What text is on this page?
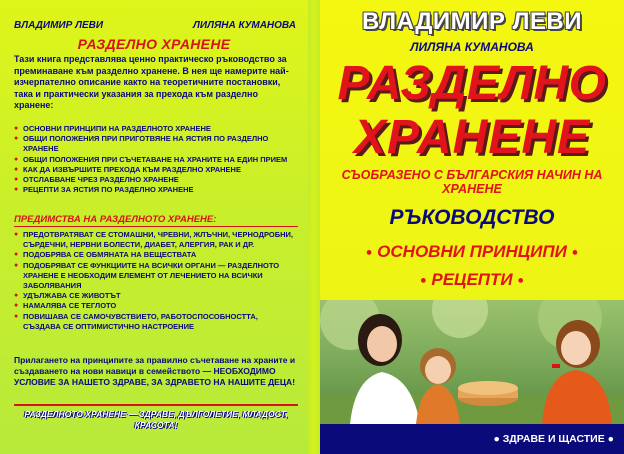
ВЛАДИМИР ЛЕВИ	ЛИЛЯНА КУМАНОВА
РАЗДЕЛНО ХРАНЕНЕ
Тази книга представлява ценно практическо ръководство за преминаване към разделно хранене. В нея ще намерите най-изчерпателно описание както на теоретичните постановки, така и практически указания за прехода към разделно хранене:
● ОСНОВНИ ПРИНЦИПИ НА РАЗДЕЛНОТО ХРАНЕНЕ
● ОБЩИ ПОЛОЖЕНИЯ ПРИ ПРИГОТВЯНЕ НА ЯСТИЯ ПО РАЗДЕЛНО ХРАНЕНЕ
● ОБЩИ ПОЛОЖЕНИЯ ПРИ СЪЧЕТАВАНЕ НА ХРАНИТЕ НА ЕДИН ПРИЕМ
● КАК ДА ИЗВЪРШИТЕ ПРЕХОДА КЪМ РАЗДЕЛНО ХРАНЕНЕ
● ОТСЛАБВАНЕ ЧРЕЗ РАЗДЕЛНО ХРАНЕНЕ
● РЕЦЕПТИ ЗА ЯСТИЯ ПО РАЗДЕЛНО ХРАНЕНЕ
ПРЕДИМСТВА НА РАЗДЕЛНОТО ХРАНЕНЕ:
● ПРЕДОТВРАТЯВАТ СЕ СТОМАШНИ, ЧРЕВНИ, ЖЛЪЧНИ, ЧЕРНОДРОБНИ, СЪРДЕЧНИ, НЕРВНИ БОЛЕСТИ, ДИАБЕТ, АЛЕРГИЯ, РАК И ДР.
● ПОДОБРЯВА СЕ ОБМЯНАТА НА ВЕЩЕСТВАТА
● ПОДОБРЯВАТ СЕ ФУНКЦИИТЕ НА ВСИЧКИ ОРГАНИ — РАЗДЕЛНОТО ХРАНЕНЕ Е НЕОБХОДИМ ЕЛЕМЕНТ ОТ ЛЕЧЕНИЕТО НА ВСИЧКИ ЗАБОЛЯВАНИЯ
● УДЪЛЖАВА СЕ ЖИВОТЪТ
● НАМАЛЯВА СЕ ТЕГЛОТО
● ПОВИШАВА СЕ САМОЧУВСТВИЕТО, РАБОТОСПОСОБНОСТТА, СЪЗДАВА СЕ ОПТИМИСТИЧНО НАСТРОЕНИЕ
Прилагането на принципите за правилно съчетаване на храните и създаването на нови навици в семейството — НЕОБХОДИМО УСЛОВИЕ ЗА НАШЕТО ЗДРАВЕ, ЗА ЗДРАВЕТО НА НАШИТЕ ДЕЦА!
РАЗДЕЛНОТО ХРАНЕНЕ — ЗДРАВЕ, ДЪЛГОЛЕТИЕ, МЛАДОСТ, КРАСОТА!
ВЛАДИМИР ЛЕВИ
ЛИЛЯНА КУМАНОВА
РАЗДЕЛНО
ХРАНЕНЕ
СЪОБРАЗЕНО С БЪЛГАРСКИЯ НАЧИН НА ХРАНЕНЕ
РЪКОВОДСТВО
● ОСНОВНИ ПРИНЦИПИ ●
● РЕЦЕПТИ ●
● ЗДРАВЕ И ЩАСТИЕ ●
